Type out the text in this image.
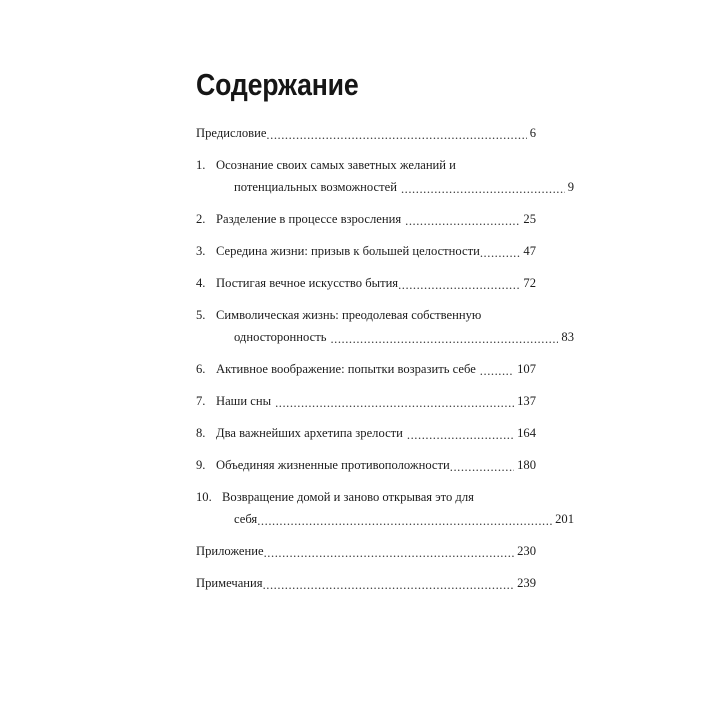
Содержание
Предисловие .....	6
1. Осознание своих самых заветных желаний и
потенциальных возможностей .....	9
2. Разделение в процессе взросления .....	25
3. Середина жизни: призыв к большей целостности .....	47
4. Постигая вечное искусство бытия .....	72
5. Символическая жизнь: преодолевая собственную
односторонность .....	83
6. Активное воображение: попытки возразить себе .....	107
7. Наши сны .....	137
8. Два важнейших архетипа зрелости .....	164
9. Объединяя жизненные противоположности .....	180
10. Возвращение домой и заново открывая это для
себя .....	201
Приложение .....	230
Примечания .....	239
